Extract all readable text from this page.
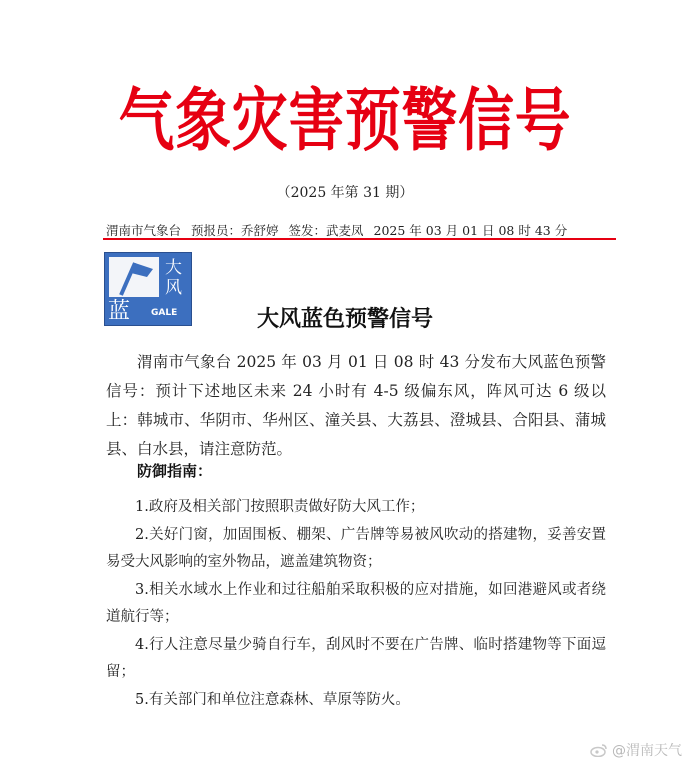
气象灾害预警信号
（2025 年第 31 期）
渭南市气象台 预报员：乔舒婷 签发：武麦凤 2025 年 03 月 01 日 08 时 43 分
大
风
蓝 GALE	大风蓝色预警信号

渭南市气象台 2025 年 03 月 01 日 08 时 43 分发布大风蓝色预警信号：预计下述地区未来 24 小时有 4-5 级偏东风，阵风可达 6 级以上：韩城市、华阴市、华州区、潼关县、大荔县、澄城县、合阳县、蒲城县、白水县，请注意防范。

防御指南：
1.政府及相关部门按照职责做好防大风工作；
2.关好门窗，加固围板、棚架、广告牌等易被风吹动的搭建物，妥善安置易受大风影响的室外物品，遮盖建筑物资；
3.相关水域水上作业和过往船舶采取积极的应对措施，如回港避风或者绕道航行等；
4.行人注意尽量少骑自行车，刮风时不要在广告牌、临时搭建物等下面逗留；
5.有关部门和单位注意森林、草原等防火。
@渭南天气
